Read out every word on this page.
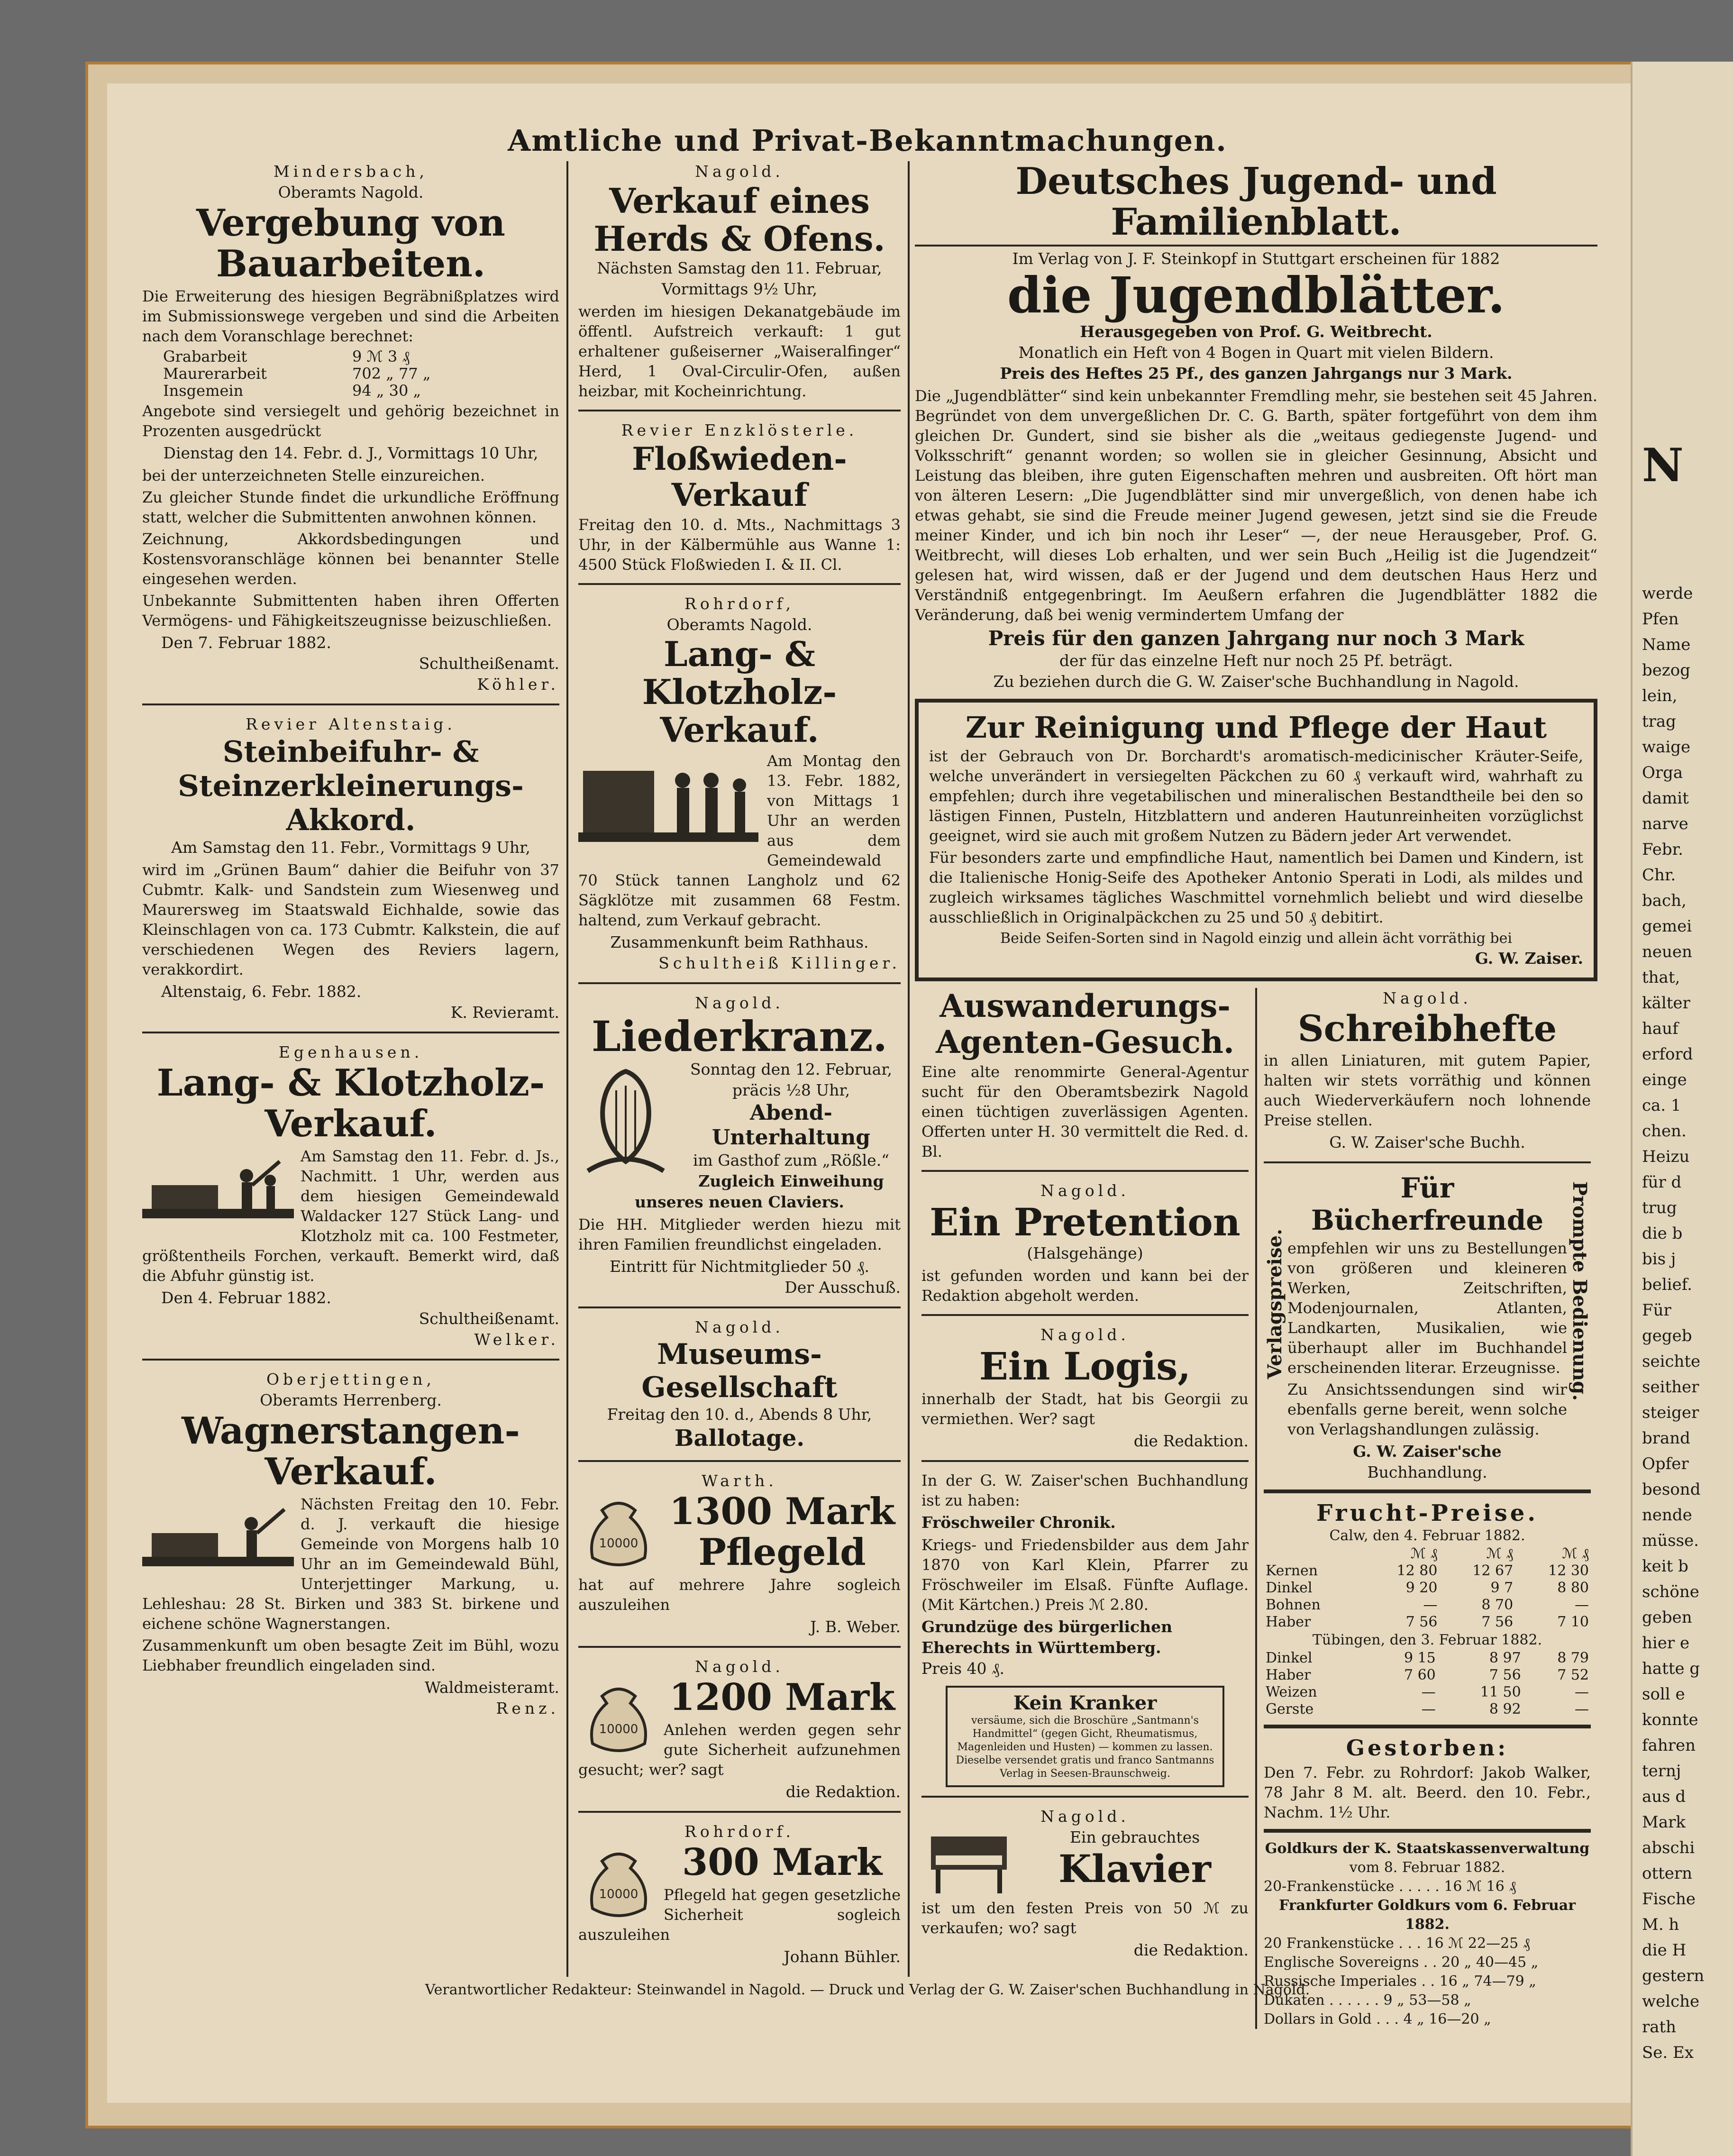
N
werde
Pfen
Name
bezog
lein,
trag
waige
Orga
damit
narve
Febr.
Chr.
bach,
gemei
neuen
that,
kälter
hauf
erford
einge
ca. 1
chen.
Heizu
für d
trug
die b
bis j
belief.
Für
gegeb
seichte
seither
steiger
brand
Opfer
besond
nende
müsse.
keit b
schöne
geben
hier e
hatte g
soll e
konnte
fahren
ternj
aus d
Mark
abschi
ottern
Fische
M. h
die H
gestern
welche
rath
Se. Ex
Amtliche und Privat-Bekanntmachungen.
Mindersbach,
Oberamts Nagold.
Vergebung von Bauarbeiten.
Die Erweiterung des hiesigen Begräbnißplatzes wird im Submissionswege vergeben und sind die Arbeiten nach dem Voranschlage berechnet:
Grabarbeit	9 ℳ 3 ₰
Maurerarbeit	702 „ 77 „
Insgemein	94 „ 30 „
Angebote sind versiegelt und gehörig bezeichnet in Prozenten ausgedrückt
Dienstag den 14. Febr. d. J., Vormittags 10 Uhr,
bei der unterzeichneten Stelle einzureichen.
Zu gleicher Stunde findet die urkundliche Eröffnung statt, welcher die Submittenten anwohnen können.
Zeichnung, Akkordsbedingungen und Kostensvoranschläge können bei benannter Stelle eingesehen werden.
Unbekannte Submittenten haben ihren Offerten Vermögens- und Fähigkeitszeugnisse beizuschließen.
Den 7. Februar 1882.
Schultheißenamt.
Köhler.
Revier Altenstaig.
Steinbeifuhr- & Steinzerkleinerungs-Akkord.
Am Samstag den 11. Febr., Vormittags 9 Uhr,
wird im „Grünen Baum“ dahier die Beifuhr von 37 Cubmtr. Kalk- und Sandstein zum Wiesenweg und Maurersweg im Staatswald Eichhalde, sowie das Kleinschlagen von ca. 173 Cubmtr. Kalkstein, die auf verschiedenen Wegen des Reviers lagern, verakkordirt.
Altenstaig, 6. Febr. 1882.
K. Revieramt.
Egenhausen.
Lang- & Klotzholz-Verkauf.
Am Samstag den 11. Febr. d. Js., Nachmitt. 1 Uhr, werden aus dem hiesigen Gemeindewald Waldacker 127 Stück Lang- und Klotzholz mit ca. 100 Festmeter, größtentheils Forchen, verkauft. Bemerkt wird, daß die Abfuhr günstig ist.
Den 4. Februar 1882.
Schultheißenamt.
Welker.
Oberjettingen,
Oberamts Herrenberg.
Wagnerstangen-Verkauf.
Nächsten Freitag den 10. Febr. d. J. verkauft die hiesige Gemeinde von Morgens halb 10 Uhr an im Gemeindewald Bühl, Unterjettinger Markung, u. Lehleshau: 28 St. Birken und 383 St. birkene und eichene schöne Wagnerstangen.
Zusammenkunft um oben besagte Zeit im Bühl, wozu Liebhaber freundlich eingeladen sind.
Waldmeisteramt.
Renz.
Nagold.
Verkauf eines Herds & Ofens.
Nächsten Samstag den 11. Februar, Vormittags 9½ Uhr,
werden im hiesigen Dekanatgebäude im öffentl. Aufstreich verkauft: 1 gut erhaltener gußeiserner „Waiseralfinger“ Herd, 1 Oval-Circulir-Ofen, außen heizbar, mit Kocheinrichtung.
Revier Enzklösterle.
Floßwieden-Verkauf
Freitag den 10. d. Mts., Nachmittags 3 Uhr, in der Kälbermühle aus Wanne 1: 4500 Stück Floßwieden I. & II. Cl.
Rohrdorf,
Oberamts Nagold.
Lang- & Klotzholz-Verkauf.
Am Montag den 13. Febr. 1882, von Mittags 1 Uhr an werden aus dem Gemeindewald 70 Stück tannen Langholz und 62 Sägklötze mit zusammen 68 Festm. haltend, zum Verkauf gebracht.
Zusammenkunft beim Rathhaus.
Schultheiß Killinger.
Nagold.
Liederkranz.
Sonntag den 12. Februar, präcis ½8 Uhr,
Abend-Unterhaltung
im Gasthof zum „Rößle.“
Zugleich Einweihung unseres neuen Claviers.
Die HH. Mitglieder werden hiezu mit ihren Familien freundlichst eingeladen.
Eintritt für Nichtmitglieder 50 ₰.
Der Ausschuß.
Nagold.
Museums-Gesellschaft
Freitag den 10. d., Abends 8 Uhr,
Ballotage.
Warth.
10000
1300 Mark Pflegeld
hat auf mehrere Jahre sogleich auszuleihen
J. B. Weber.
Nagold.
10000
1200 Mark
Anlehen werden gegen sehr gute Sicherheit aufzunehmen gesucht; wer? sagt
die Redaktion.
Rohrdorf.
10000
300 Mark
Pflegeld hat gegen gesetzliche Sicherheit sogleich auszuleihen
Johann Bühler.
Deutsches Jugend- und Familienblatt.
Im Verlag von J. F. Steinkopf in Stuttgart erscheinen für 1882
die Jugendblätter.
Herausgegeben von Prof. G. Weitbrecht.
Monatlich ein Heft von 4 Bogen in Quart mit vielen Bildern.
Preis des Heftes 25 Pf., des ganzen Jahrgangs nur 3 Mark.
Die „Jugendblätter“ sind kein unbekannter Fremdling mehr, sie bestehen seit 45 Jahren. Begründet von dem unvergeßlichen Dr. C. G. Barth, später fortgeführt von dem ihm gleichen Dr. Gundert, sind sie bisher als die „weitaus gediegenste Jugend- und Volksschrift“ genannt worden; so wollen sie in gleicher Gesinnung, Absicht und Leistung das bleiben, ihre guten Eigenschaften mehren und ausbreiten. Oft hört man von älteren Lesern: „Die Jugendblätter sind mir unvergeßlich, von denen habe ich etwas gehabt, sie sind die Freude meiner Jugend gewesen, jetzt sind sie die Freude meiner Kinder, und ich bin noch ihr Leser“ —, der neue Herausgeber, Prof. G. Weitbrecht, will dieses Lob erhalten, und wer sein Buch „Heilig ist die Jugendzeit“ gelesen hat, wird wissen, daß er der Jugend und dem deutschen Haus Herz und Verständniß entgegenbringt. Im Aeußern erfahren die Jugendblätter 1882 die Veränderung, daß bei wenig vermindertem Umfang der
Preis für den ganzen Jahrgang nur noch 3 Mark
der für das einzelne Heft nur noch 25 Pf. beträgt.
Zu beziehen durch die G. W. Zaiser'sche Buchhandlung in Nagold.
Zur Reinigung und Pflege der Haut
ist der Gebrauch von Dr. Borchardt's aromatisch-medicinischer Kräuter-Seife, welche unverändert in versiegelten Päckchen zu 60 ₰ verkauft wird, wahrhaft zu empfehlen; durch ihre vegetabilischen und mineralischen Bestandtheile bei den so lästigen Finnen, Pusteln, Hitzblattern und anderen Hautunreinheiten vorzüglichst geeignet, wird sie auch mit großem Nutzen zu Bädern jeder Art verwendet.
Für besonders zarte und empfindliche Haut, namentlich bei Damen und Kindern, ist die Italienische Honig-Seife des Apotheker Antonio Sperati in Lodi, als mildes und zugleich wirksames tägliches Waschmittel vornehmlich beliebt und wird dieselbe ausschließlich in Originalpäckchen zu 25 und 50 ₰ debitirt.
Beide Seifen-Sorten sind in Nagold einzig und allein ächt vorräthig bei
G. W. Zaiser.
Auswanderungs-Agenten-Gesuch.
Eine alte renommirte General-Agentur sucht für den Oberamtsbezirk Nagold einen tüchtigen zuverlässigen Agenten. Offerten unter H. 30 vermittelt die Red. d. Bl.
Nagold.
Ein Pretention
(Halsgehänge)
ist gefunden worden und kann bei der Redaktion abgeholt werden.
Nagold.
Ein Logis,
innerhalb der Stadt, hat bis Georgii zu vermiethen. Wer? sagt
die Redaktion.
In der G. W. Zaiser'schen Buchhandlung ist zu haben:
Fröschweiler Chronik.
Kriegs- und Friedensbilder aus dem Jahr 1870 von Karl Klein, Pfarrer zu Fröschweiler im Elsaß. Fünfte Auflage. (Mit Kärtchen.) Preis ℳ 2.80.
Grundzüge des bürgerlichen Eherechts in Württemberg.
Preis 40 ₰.
Kein Kranker
versäume, sich die Broschüre „Santmann's Handmittel“ (gegen Gicht, Rheumatismus, Magenleiden und Husten) — kommen zu lassen. Dieselbe versendet gratis und franco Santmanns Verlag in Seesen-Braunschweig.
Nagold.
Ein gebrauchtes
Klavier
ist um den festen Preis von 50 ℳ zu verkaufen; wo? sagt
die Redaktion.
Nagold.
Schreibhefte
in allen Liniaturen, mit gutem Papier, halten wir stets vorräthig und können auch Wiederverkäufern noch lohnende Preise stellen.
G. W. Zaiser'sche Buchh.
Verlagspreise.	Prompte Bedienung.
Für Bücherfreunde
empfehlen wir uns zu Bestellungen von größeren und kleineren Werken, Zeitschriften, Modenjournalen, Atlanten, Landkarten, Musikalien, wie überhaupt aller im Buchhandel erscheinenden literar. Erzeugnisse.
Zu Ansichtssendungen sind wir ebenfalls gerne bereit, wenn solche von Verlagshandlungen zulässig.
G. W. Zaiser'sche
Buchhandlung.
Frucht-Preise.
Calw, den 4. Februar 1882.
	ℳ ₰	ℳ ₰	ℳ ₰
Kernen	12 80	12 67	12 30
Dinkel	9 20	9 7	8 80
Bohnen	—	8 70	—
Haber	7 56	7 56	7 10
Tübingen, den 3. Februar 1882.
Dinkel	9 15	8 97	8 79
Haber	7 60	7 56	7 52
Weizen	—	11 50	—
Gerste	—	8 92	—
Gestorben:
Den 7. Febr. zu Rohrdorf: Jakob Walker, 78 Jahr 8 M. alt. Beerd. den 10. Febr., Nachm. 1½ Uhr.
Goldkurs der K. Staatskassenverwaltung
vom 8. Februar 1882.
20-Frankenstücke . . . . . 16 ℳ 16 ₰
Frankfurter Goldkurs vom 6. Februar 1882.
20 Frankenstücke . . . 16 ℳ 22—25 ₰
Englische Sovereigns . . 20 „ 40—45 „
Russische Imperiales . . 16 „ 74—79 „
Dukaten . . . . . . 9 „ 53—58 „
Dollars in Gold . . . 4 „ 16—20 „
Verantwortlicher Redakteur: Steinwandel in Nagold. — Druck und Verlag der G. W. Zaiser'schen Buchhandlung in Nagold.
